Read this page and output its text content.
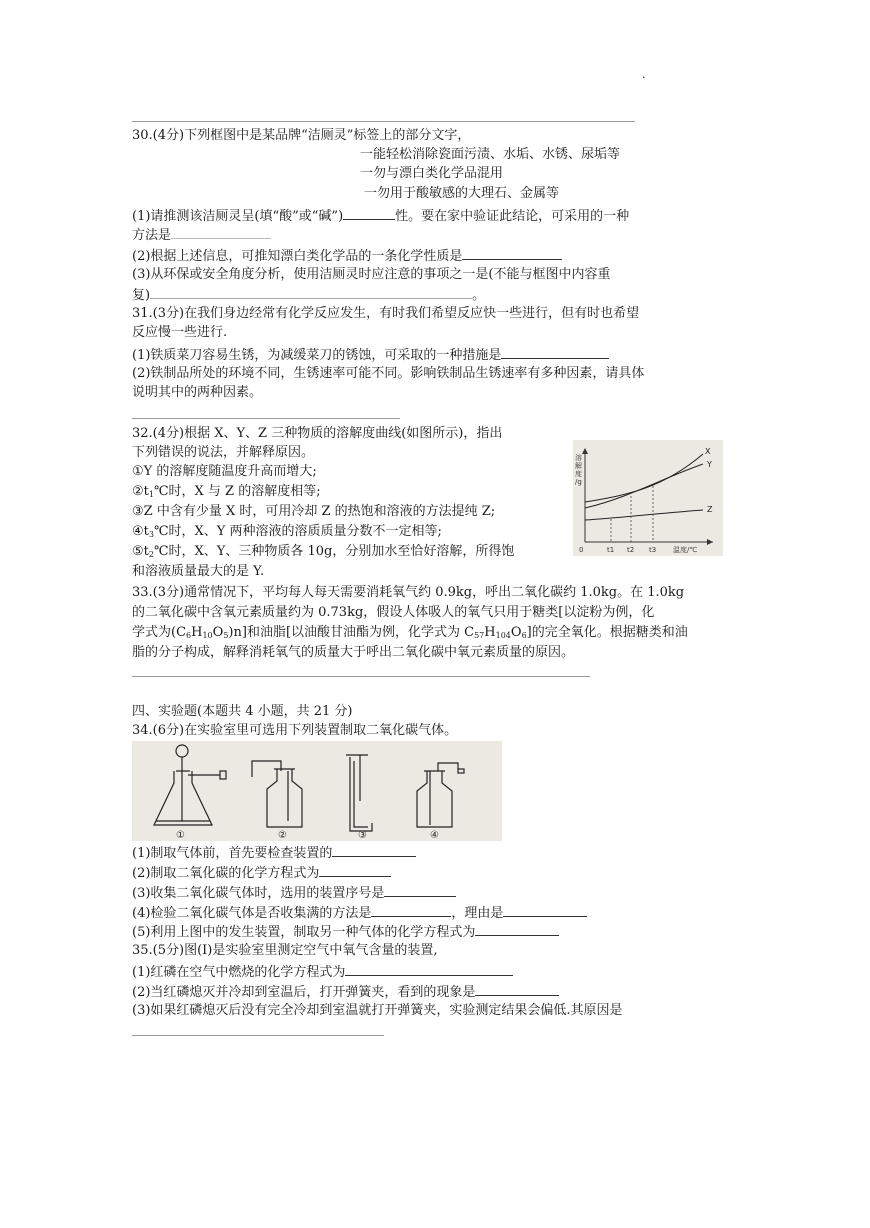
.
30.(4分)下列框图中是某品牌“洁厕灵”标签上的部分文字，
一能轻松消除瓷面污渍、水垢、水锈、尿垢等
一勿与漂白类化学品混用
一勿用于酸敏感的大理石、金属等
(1)请推测该洁厕灵呈(填“酸”或“碱”)	性。要在家中验证此结论，可采用的一种
方法是
(2)根据上述信息，可推知漂白类化学品的一条化学性质是
(3)从环保或安全角度分析，使用洁厕灵时应注意的事项之一是(不能与框图中内容重
复)	。
31.(3分)在我们身边经常有化学反应发生，有时我们希望反应快一些进行，但有时也希望
反应慢一些进行.
(1)铁质菜刀容易生锈，为减缓菜刀的锈蚀，可采取的一种措施是
(2)铁制品所处的环境不同，生锈速率可能不同。影响铁制品生锈速率有多种因素，请具体
说明其中的两种因素。
32.(4分)根据 X、Y、Z 三种物质的溶解度曲线(如图所示)，指出
下列错误的说法，并解释原因。
①Y 的溶解度随温度升高而增大;
$②t_1℃$时，X 与 Z 的溶解度相等;
③Z 中含有少量 X 时，可用冷却 Z 的热饱和溶液的方法提纯 Z;
$④t_3℃$时，X、Y 两种溶液的溶质质量分数不一定相等;
$⑤t_2℃$时，X、Y、三种物质各 10g，分别加水至恰好溶解，所得饱
和溶液质量最大的是 Y.
溶
解
度
/g
X
Y
Z
0	t1 t2 t3 温度/℃
33.(3分)通常情况下，平均每人每天需要消耗氧气约 0.9kg，呼出二氧化碳约 1.0kg。在 1.0kg
的二氧化碳中含氧元素质量约为 0.73kg，假设人体吸人的氧气只用于糖类[以淀粉为例，化
学式为$(C_6H_{10}O_5)n$]和油脂[以油酸甘油酯为例，化学式为 $C_{57}H_{104}O_6$]的完全氧化。根据糖类和油
脂的分子构成，解释消耗氧气的质量大于呼出二氧化碳中氧元素质量的原因。
四、实验题(本题共 4 小题，共 21 分)
34.(6分)在实验室里可选用下列装置制取二氧化碳气体。
①	②	③	④
(1)制取气体前，首先要检查装置的
(2)制取二氧化碳的化学方程式为
(3)收集二氧化碳气体时，选用的装置序号是
(4)检验二氧化碳气体是否收集满的方法是	，理由是
(5)利用上图中的发生装置，制取另一种气体的化学方程式为
35.(5分)图(Ⅰ)是实验室里测定空气中氧气含量的装置,
(1)红磷在空气中燃烧的化学方程式为
(2)当红磷熄灭并冷却到室温后，打开弹簧夹，看到的现象是
(3)如果红磷熄灭后没有完全冷却到室温就打开弹簧夹，实验测定结果会偏低.其原因是
